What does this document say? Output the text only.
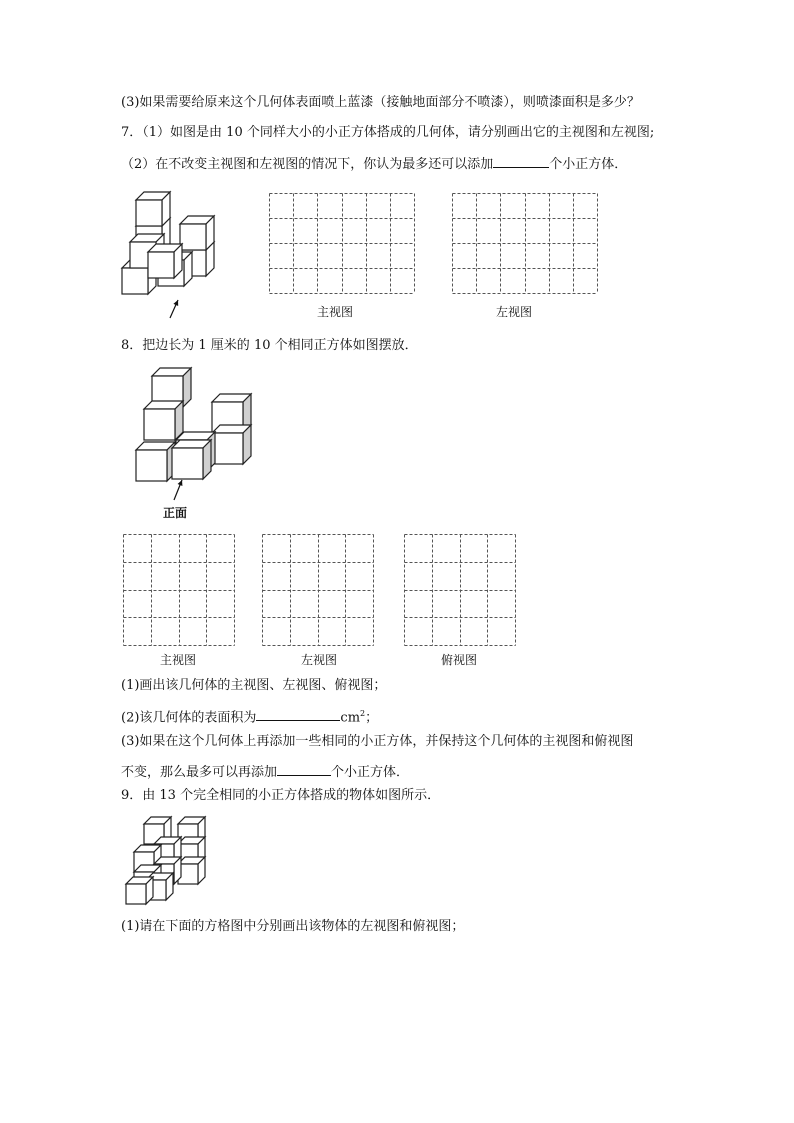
(3)如果需要给原来这个几何体表面喷上蓝漆（接触地面部分不喷漆），则喷漆面积是多少？
7．（1）如图是由 10 个同样大小的小正方体搭成的几何体，请分别画出它的主视图和左视图;
（2）在不改变主视图和左视图的情况下，你认为最多还可以添加	个小正方体．
主视图	左视图
8．把边长为 1 厘米的 10 个相同正方体如图摆放．
正面
主视图	左视图	俯视图
(1)画出该几何体的主视图、左视图、俯视图；
(2)该几何体的表面积为	$cm^2$；
(3)如果在这个几何体上再添加一些相同的小正方体，并保持这个几何体的主视图和俯视图
不变，那么最多可以再添加	个小正方体．
9．由 13 个完全相同的小正方体搭成的物体如图所示．
(1)请在下面的方格图中分别画出该物体的左视图和俯视图；
